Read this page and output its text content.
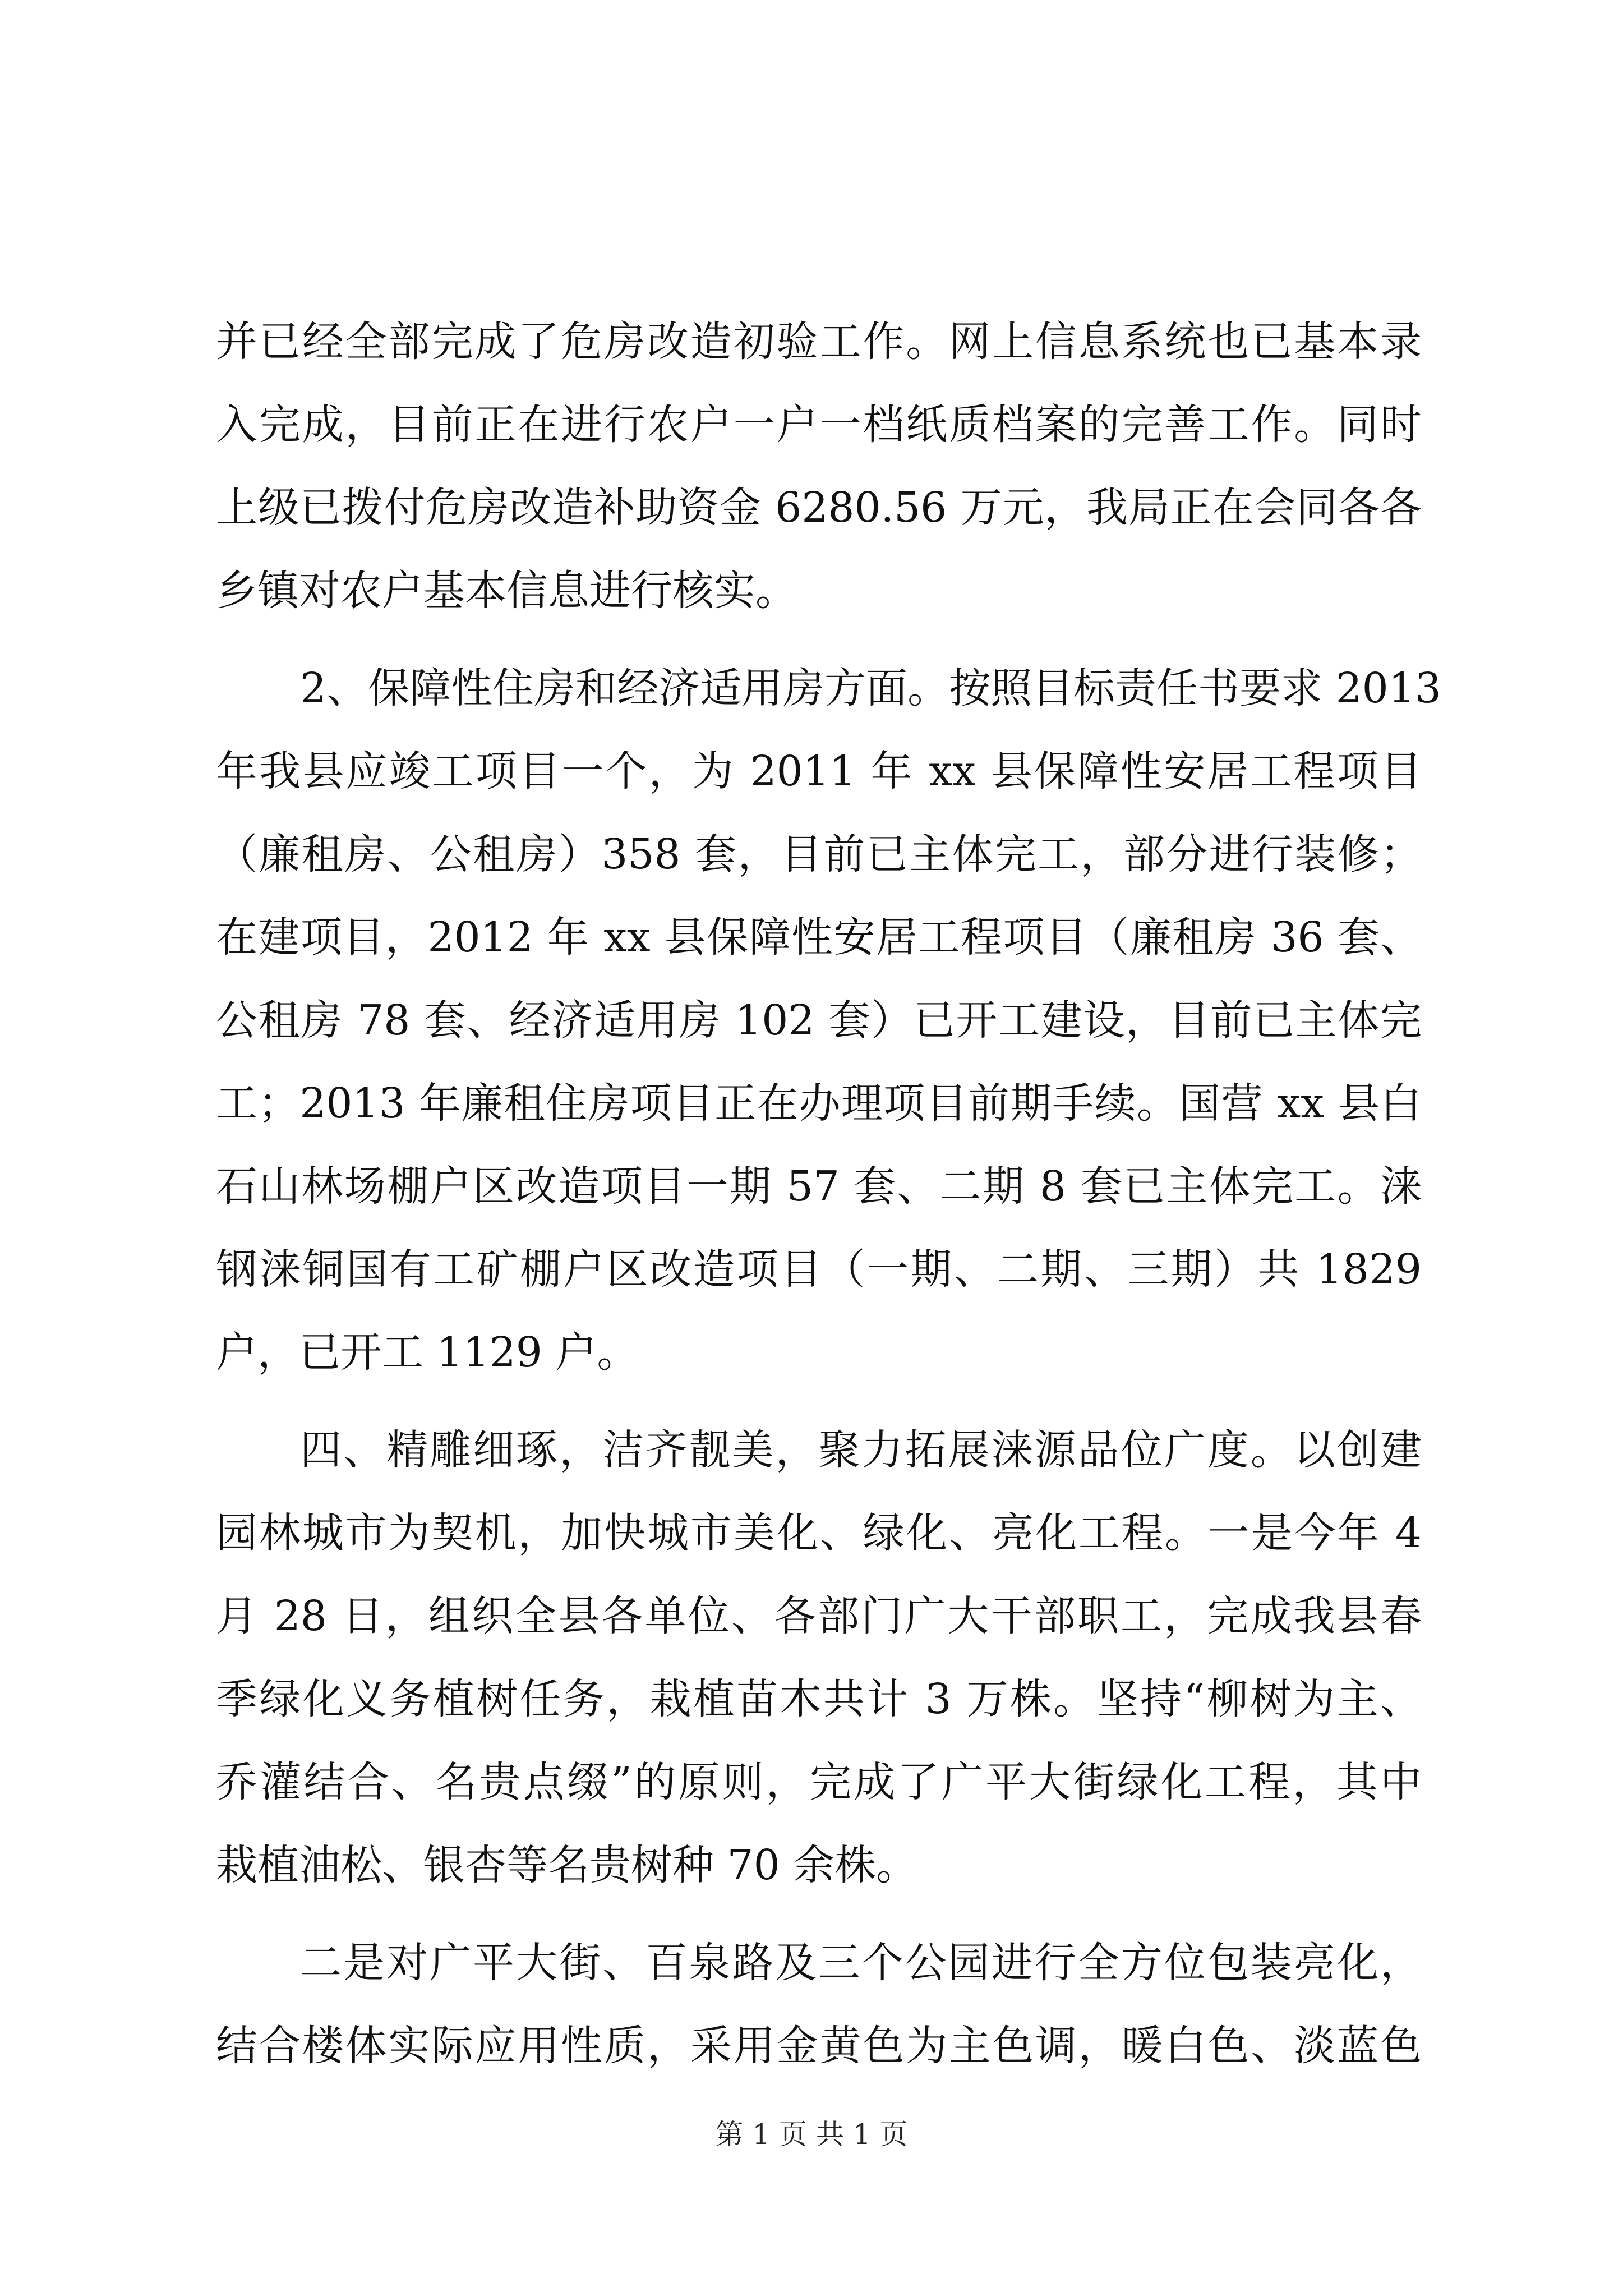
并已经全部完成了危房改造初验工作。网上信息系统也已基本录
入完成，目前正在进行农户一户一档纸质档案的完善工作。同时
上级已拨付危房改造补助资金 6280.56 万元，我局正在会同各各
乡镇对农户基本信息进行核实。
2、保障性住房和经济适用房方面。按照目标责任书要求 2013
年我县应竣工项目一个，为 2011 年 xx 县保障性安居工程项目
（廉租房、公租房）358 套，目前已主体完工，部分进行装修；
在建项目，2012 年 xx 县保障性安居工程项目（廉租房 36 套、
公租房 78 套、经济适用房 102 套）已开工建设，目前已主体完
工；2013 年廉租住房项目正在办理项目前期手续。国营 xx 县白
石山林场棚户区改造项目一期 57 套、二期 8 套已主体完工。涞
钢涞铜国有工矿棚户区改造项目（一期、二期、三期）共 1829
户，已开工 1129 户。
四、精雕细琢，洁齐靓美，聚力拓展涞源品位广度。以创建
园林城市为契机，加快城市美化、绿化、亮化工程。一是今年 4
月 28 日，组织全县各单位、各部门广大干部职工，完成我县春
季绿化义务植树任务，栽植苗木共计 3 万株。坚持“柳树为主、
乔灌结合、名贵点缀”的原则，完成了广平大街绿化工程，其中
栽植油松、银杏等名贵树种 70 余株。
二是对广平大街、百泉路及三个公园进行全方位包装亮化，
结合楼体实际应用性质，采用金黄色为主色调，暖白色、淡蓝色
第 1 页 共 1 页
